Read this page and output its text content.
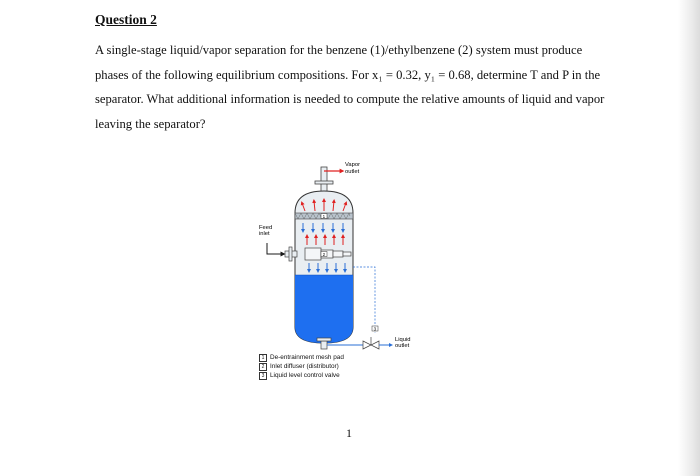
Question 2

A single-stage liquid/vapor separation for the benzene (1)/ethylbenzene (2) system must produce phases of the following equilibrium compositions. For x₁ = 0.32, y₁ = 0.68, determine T and P in the separator. What additional information is needed to compute the relative amounts of liquid and vapor leaving the separator?

Vapor
outlet
1
2
Feed
inlet
3
Liquid
outlet
1 De-entrainment mesh pad
2 Inlet diffuser (distributor)
3 Liquid level control valve
1
